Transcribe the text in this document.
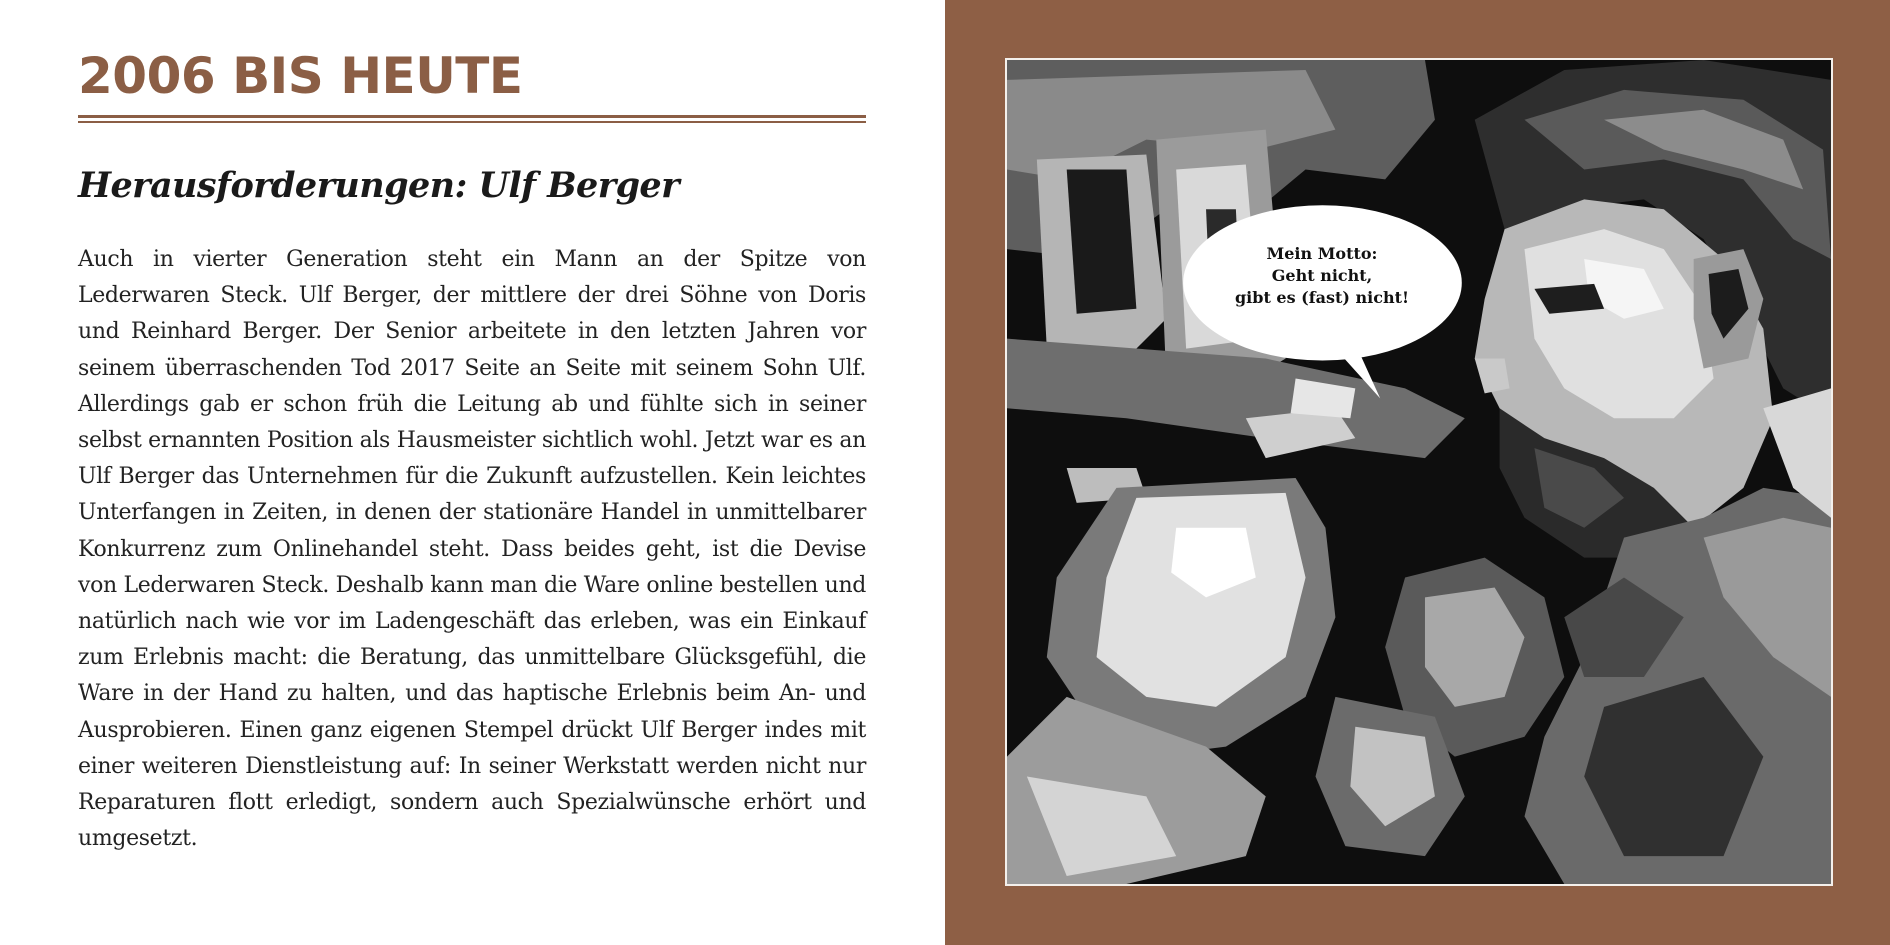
2006 BIS HEUTE
Herausforderungen: Ulf Berger

Auch in vierter Generation steht ein Mann an der Spitze von Lederwaren Steck. Ulf Berger, der mittlere der drei Söhne von Doris und Reinhard Berger. Der Senior arbeitete in den letzten Jahren vor seinem überraschenden Tod 2017 Seite an Seite mit seinem Sohn Ulf. Allerdings gab er schon früh die Leitung ab und fühlte sich in seiner selbst ernannten Position als Hausmeister sichtlich wohl. Jetzt war es an Ulf Berger das Unternehmen für die Zukunft aufzustellen. Kein leichtes Unterfangen in Zeiten, in denen der stationäre Handel in unmittelbarer Konkurrenz zum Onlinehandel steht. Dass beides geht, ist die Devise von Lederwaren Steck. Deshalb kann man die Ware online bestellen und natürlich nach wie vor im Ladengeschäft das erleben, was ein Einkauf zum Erlebnis macht: die Beratung, das unmittelbare Glücksgefühl, die Ware in der Hand zu halten, und das haptische Erlebnis beim An- und Ausprobieren. Einen ganz eigenen Stempel drückt Ulf Berger indes mit einer weiteren Dienstleistung auf: In seiner Werkstatt werden nicht nur Reparaturen flott erledigt, sondern auch Spezialwünsche erhört und umgesetzt.

Mein Motto:
Geht nicht,
gibt es (fast) nicht!
